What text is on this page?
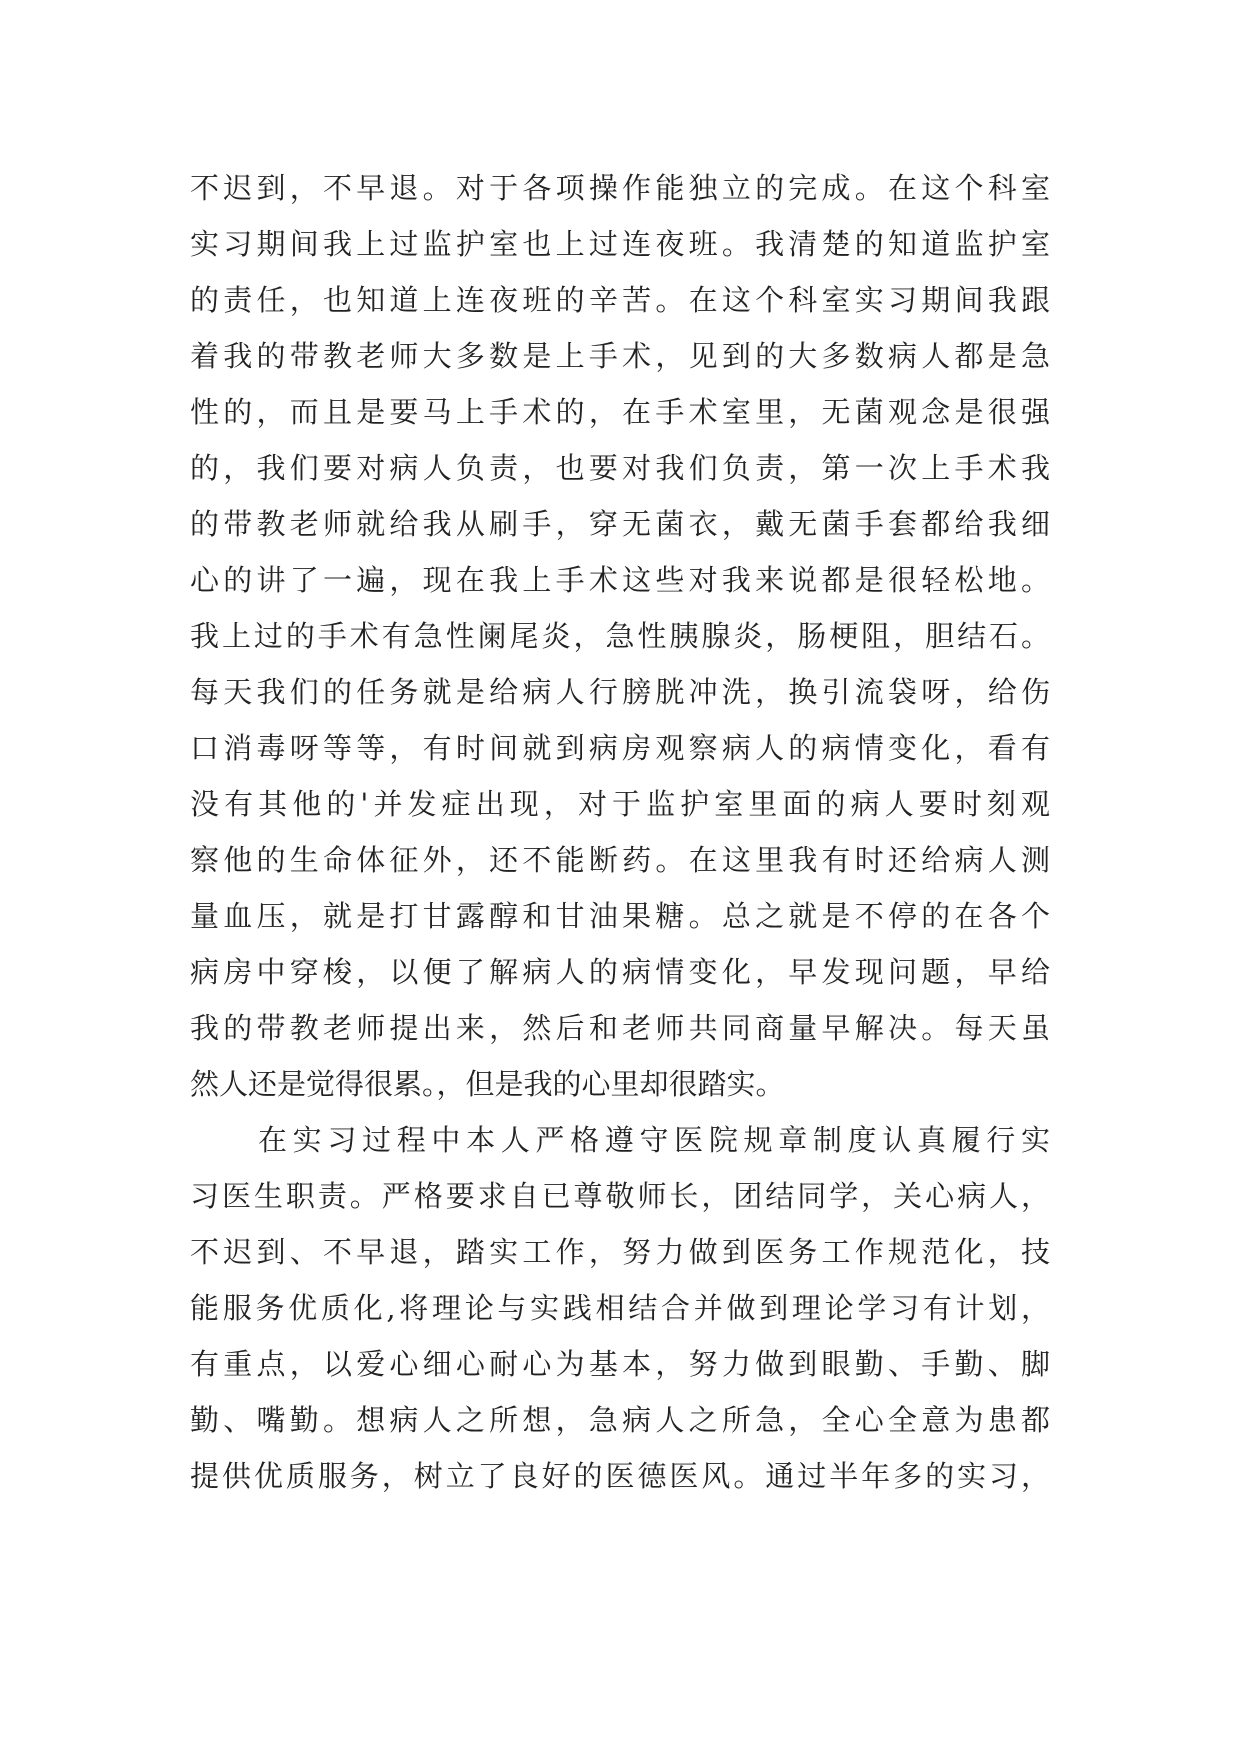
不迟到，不早退。对于各项操作能独立的完成。在这个科室
实习期间我上过监护室也上过连夜班。我清楚的知道监护室
的责任，也知道上连夜班的辛苦。在这个科室实习期间我跟
着我的带教老师大多数是上手术，见到的大多数病人都是急
性的，而且是要马上手术的，在手术室里，无菌观念是很强
的，我们要对病人负责，也要对我们负责，第一次上手术我
的带教老师就给我从刷手，穿无菌衣，戴无菌手套都给我细
心的讲了一遍，现在我上手术这些对我来说都是很轻松地。
我上过的手术有急性阑尾炎，急性胰腺炎，肠梗阻，胆结石。
每天我们的任务就是给病人行膀胱冲洗，换引流袋呀，给伤
口消毒呀等等，有时间就到病房观察病人的病情变化，看有
没有其他的'并发症出现，对于监护室里面的病人要时刻观
察他的生命体征外，还不能断药。在这里我有时还给病人测
量血压，就是打甘露醇和甘油果糖。总之就是不停的在各个
病房中穿梭，以便了解病人的病情变化，早发现问题，早给
我的带教老师提出来，然后和老师共同商量早解决。每天虽
然人还是觉得很累。，但是我的心里却很踏实。
在实习过程中本人严格遵守医院规章制度认真履行实
习医生职责。严格要求自已尊敬师长，团结同学，关心病人，
不迟到、不早退，踏实工作，努力做到医务工作规范化，技
能服务优质化,将理论与实践相结合并做到理论学习有计划，
有重点，以爱心细心耐心为基本，努力做到眼勤、手勤、脚
勤、嘴勤。想病人之所想，急病人之所急，全心全意为患都
提供优质服务，树立了良好的医德医风。通过半年多的实习，
